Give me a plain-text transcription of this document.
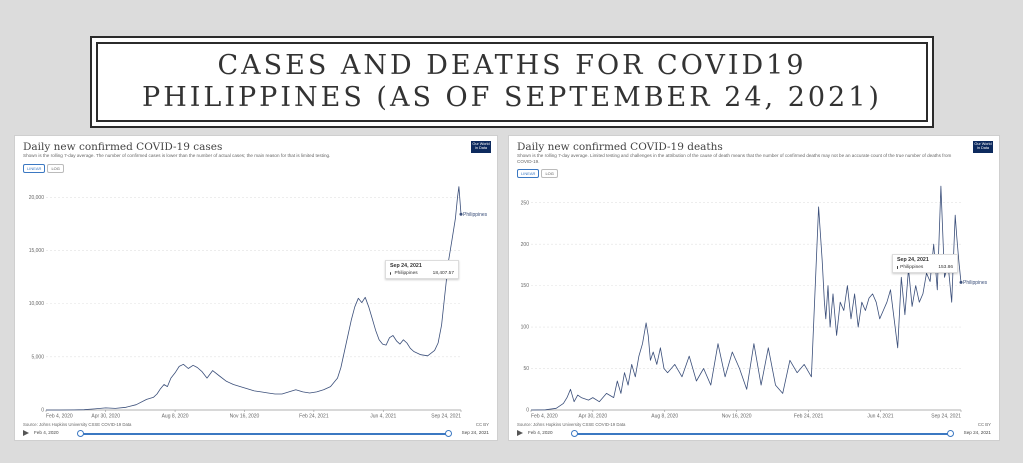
CASES AND DEATHS FOR COVID19
PHILIPPINES (AS OF SEPTEMBER 24, 2021)
Daily new confirmed COVID-19 cases
Shown is the rolling 7-day average. The number of confirmed cases is lower than the number of actual cases; the main reason for that is limited testing.
LINEAR	LOG
Our World in Data
0
5,000
10,000
15,000
20,000
Feb 4, 2020	Apr 30, 2020	Aug 8, 2020	Nov 16, 2020	Feb 24, 2021	Jun 4, 2021	Sep 24, 2021
Philippines
Sep 24, 2021
Philippines	18,407.57
Source: Johns Hopkins University CSSE COVID-19 Data	CC BY
Feb 4, 2020	Sep 24, 2021
Daily new confirmed COVID-19 deaths
Shown is the rolling 7-day average. Limited testing and challenges in the attribution of the cause of death means that the number of confirmed deaths may not be an accurate count of the true number of deaths from COVID-19.
LINEAR	LOG
Our World in Data
0
50
100
150
200
250
Feb 4, 2020	Apr 30, 2020	Aug 8, 2020	Nov 16, 2020	Feb 24, 2021	Jun 4, 2021	Sep 24, 2021
Philippines
Sep 24, 2021
Philippines	153.86
Source: Johns Hopkins University CSSE COVID-19 Data	CC BY
Feb 4, 2020	Sep 24, 2021
